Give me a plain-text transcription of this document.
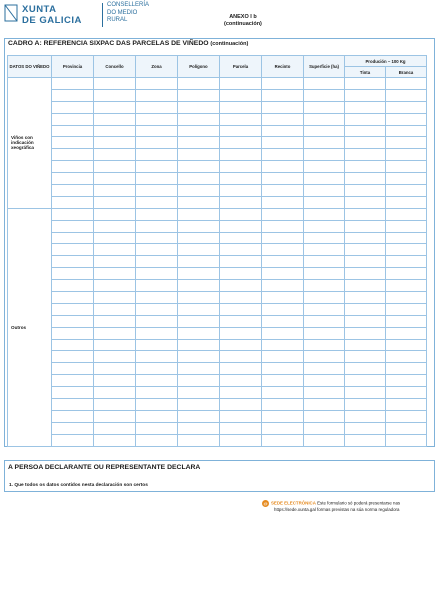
XUNTA
DE GALICIA
CONSELLERÍA
DO MEDIO
RURAL	ANEXO I b
(continuación)
CADRO A: REFERENCIA SIXPAC DAS PARCELAS DE VIÑEDO (continuación)
DATOS DO VIÑEDO	Provincia	Concello	Zona	Polígono	Parcela	Recinto	Superficie (ha)	Produción – 100 Kg	
								Tinta	Branca
Viños con indicación xeográfica									

Outros									

A PERSOA DECLARANTE OU REPRESENTANTE DECLARA
1. Que todos os datos contidos nesta declaración son certos
@ SEDE ELECTRÓNICA Este formulario só poderá presentarse nas
https://sede.xunta.gal formas previstas na súa norma reguladora
